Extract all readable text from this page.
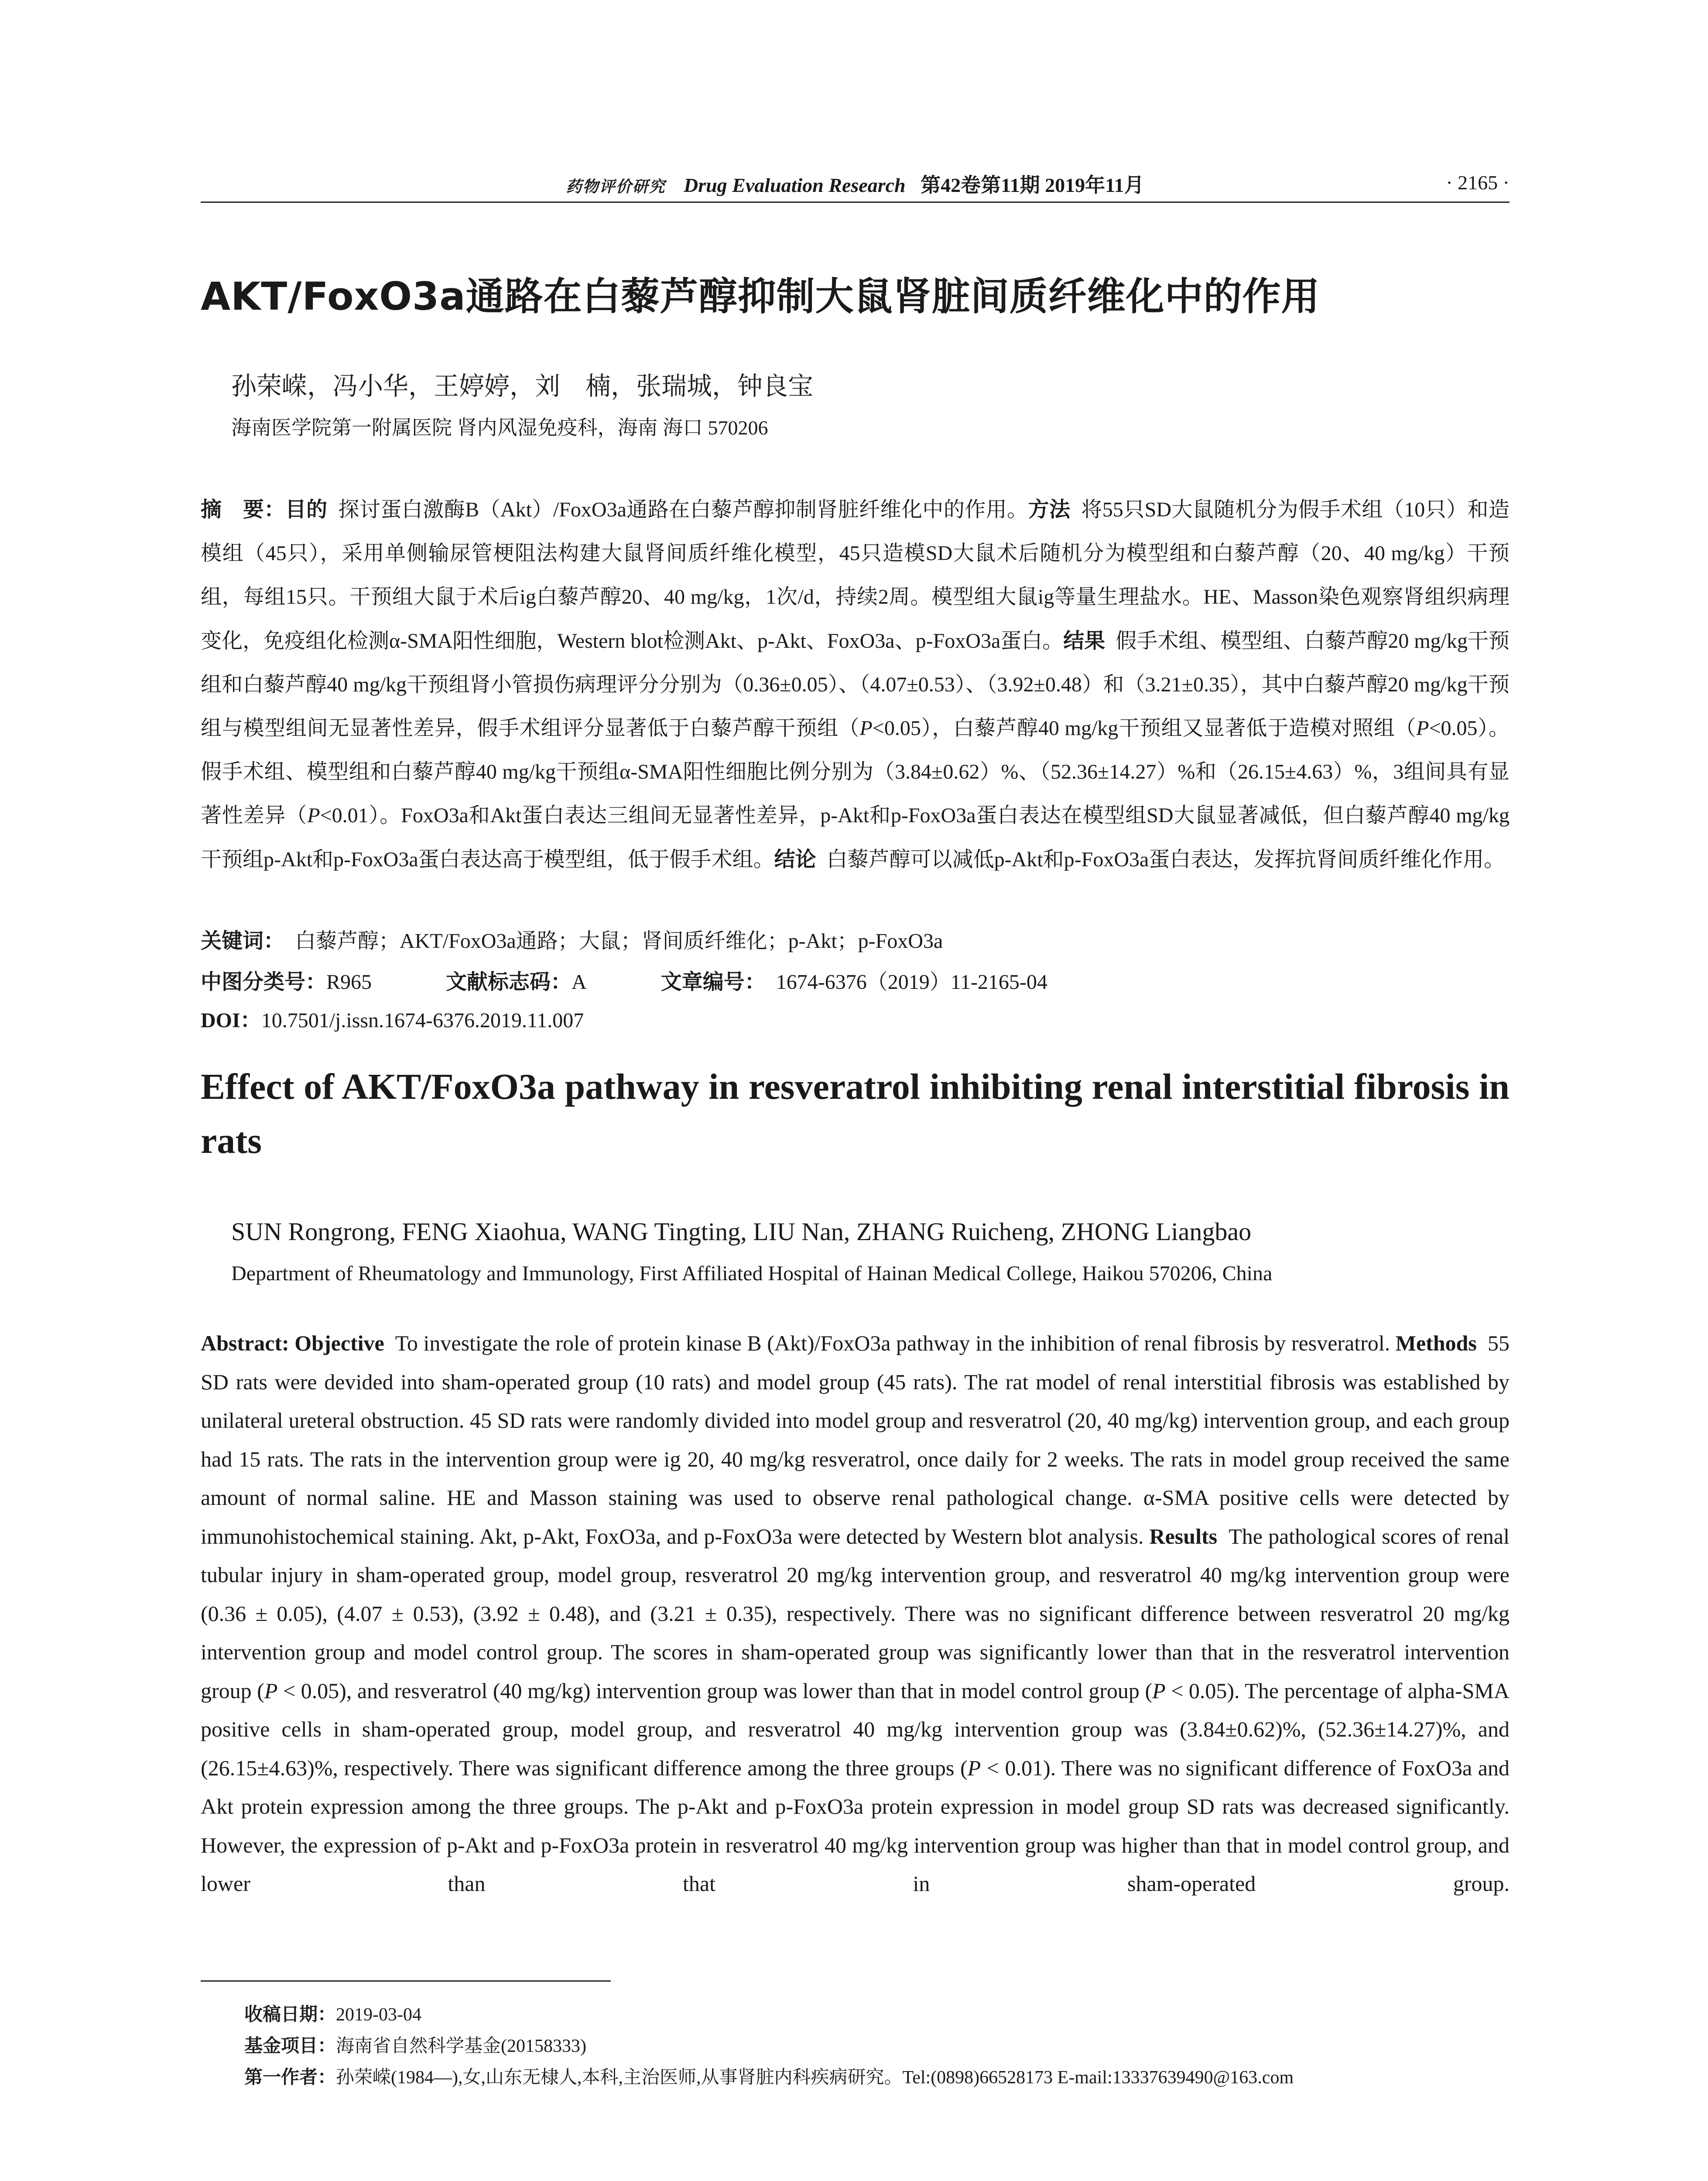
药物评价研究 Drug Evaluation Research 第42卷第11期 2019年11月	· 2165 ·
AKT/FoxO3a通路在白藜芦醇抑制大鼠肾脏间质纤维化中的作用
孙荣嵘，冯小华，王婷婷，刘　楠，张瑞城，钟良宝
海南医学院第一附属医院 肾内风湿免疫科，海南 海口 570206
摘　要：目的 探讨蛋白激酶B（Akt）/FoxO3a通路在白藜芦醇抑制肾脏纤维化中的作用。方法 将55只SD大鼠随机分为假手术组（10只）和造模组（45只），采用单侧输尿管梗阻法构建大鼠肾间质纤维化模型，45只造模SD大鼠术后随机分为模型组和白藜芦醇（20、40 mg/kg）干预组，每组15只。干预组大鼠于术后ig白藜芦醇20、40 mg/kg，1次/d，持续2周。模型组大鼠ig等量生理盐水。HE、Masson染色观察肾组织病理变化，免疫组化检测α-SMA阳性细胞，Western blot检测Akt、p-Akt、FoxO3a、p-FoxO3a蛋白。结果 假手术组、模型组、白藜芦醇20 mg/kg干预组和白藜芦醇40 mg/kg干预组肾小管损伤病理评分分别为（0.36±0.05）、（4.07±0.53）、（3.92±0.48）和（3.21±0.35），其中白藜芦醇20 mg/kg干预组与模型组间无显著性差异，假手术组评分显著低于白藜芦醇干预组（P<0.05），白藜芦醇40 mg/kg干预组又显著低于造模对照组（P<0.05）。假手术组、模型组和白藜芦醇40 mg/kg干预组α-SMA阳性细胞比例分别为（3.84±0.62）%、（52.36±14.27）%和（26.15±4.63）%，3组间具有显著性差异（P<0.01）。FoxO3a和Akt蛋白表达三组间无显著性差异，p-Akt和p-FoxO3a蛋白表达在模型组SD大鼠显著减低，但白藜芦醇40 mg/kg干预组p-Akt和p-FoxO3a蛋白表达高于模型组，低于假手术组。结论 白藜芦醇可以减低p-Akt和p-FoxO3a蛋白表达，发挥抗肾间质纤维化作用。
关键词： 白藜芦醇；AKT/FoxO3a通路；大鼠；肾间质纤维化；p-Akt；p-FoxO3a
中图分类号：R965	文献标志码：A	文章编号： 1674-6376（2019）11-2165-04
DOI：10.7501/j.issn.1674-6376.2019.11.007
Effect of AKT/FoxO3a pathway in resveratrol inhibiting renal interstitial fibrosis in rats
SUN Rongrong, FENG Xiaohua, WANG Tingting, LIU Nan, ZHANG Ruicheng, ZHONG Liangbao
Department of Rheumatology and Immunology, First Affiliated Hospital of Hainan Medical College, Haikou 570206, China
Abstract: Objective To investigate the role of protein kinase B (Akt)/FoxO3a pathway in the inhibition of renal fibrosis by resveratrol. Methods 55 SD rats were devided into sham-operated group (10 rats) and model group (45 rats). The rat model of renal interstitial fibrosis was established by unilateral ureteral obstruction. 45 SD rats were randomly divided into model group and resveratrol (20, 40 mg/kg) intervention group, and each group had 15 rats. The rats in the intervention group were ig 20, 40 mg/kg resveratrol, once daily for 2 weeks. The rats in model group received the same amount of normal saline. HE and Masson staining was used to observe renal pathological change. α-SMA positive cells were detected by immunohistochemical staining. Akt, p-Akt, FoxO3a, and p-FoxO3a were detected by Western blot analysis. Results The pathological scores of renal tubular injury in sham-operated group, model group, resveratrol 20 mg/kg intervention group, and resveratrol 40 mg/kg intervention group were (0.36 ± 0.05), (4.07 ± 0.53), (3.92 ± 0.48), and (3.21 ± 0.35), respectively. There was no significant difference between resveratrol 20 mg/kg intervention group and model control group. The scores in sham-operated group was significantly lower than that in the resveratrol intervention group (P < 0.05), and resveratrol (40 mg/kg) intervention group was lower than that in model control group (P < 0.05). The percentage of alpha-SMA positive cells in sham-operated group, model group, and resveratrol 40 mg/kg intervention group was (3.84±0.62)%, (52.36±14.27)%, and (26.15±4.63)%, respectively. There was significant difference among the three groups (P < 0.01). There was no significant difference of FoxO3a and Akt protein expression among the three groups. The p-Akt and p-FoxO3a protein expression in model group SD rats was decreased significantly. However, the expression of p-Akt and p-FoxO3a protein in resveratrol 40 mg/kg intervention group was higher than that in model control group, and lower than that in sham-operated group.
收稿日期：2019-03-04
基金项目：海南省自然科学基金(20158333)
第一作者：孙荣嵘(1984—),女,山东无棣人,本科,主治医师,从事肾脏内科疾病研究。Tel:(0898)66528173 E-mail:13337639490@163.com
